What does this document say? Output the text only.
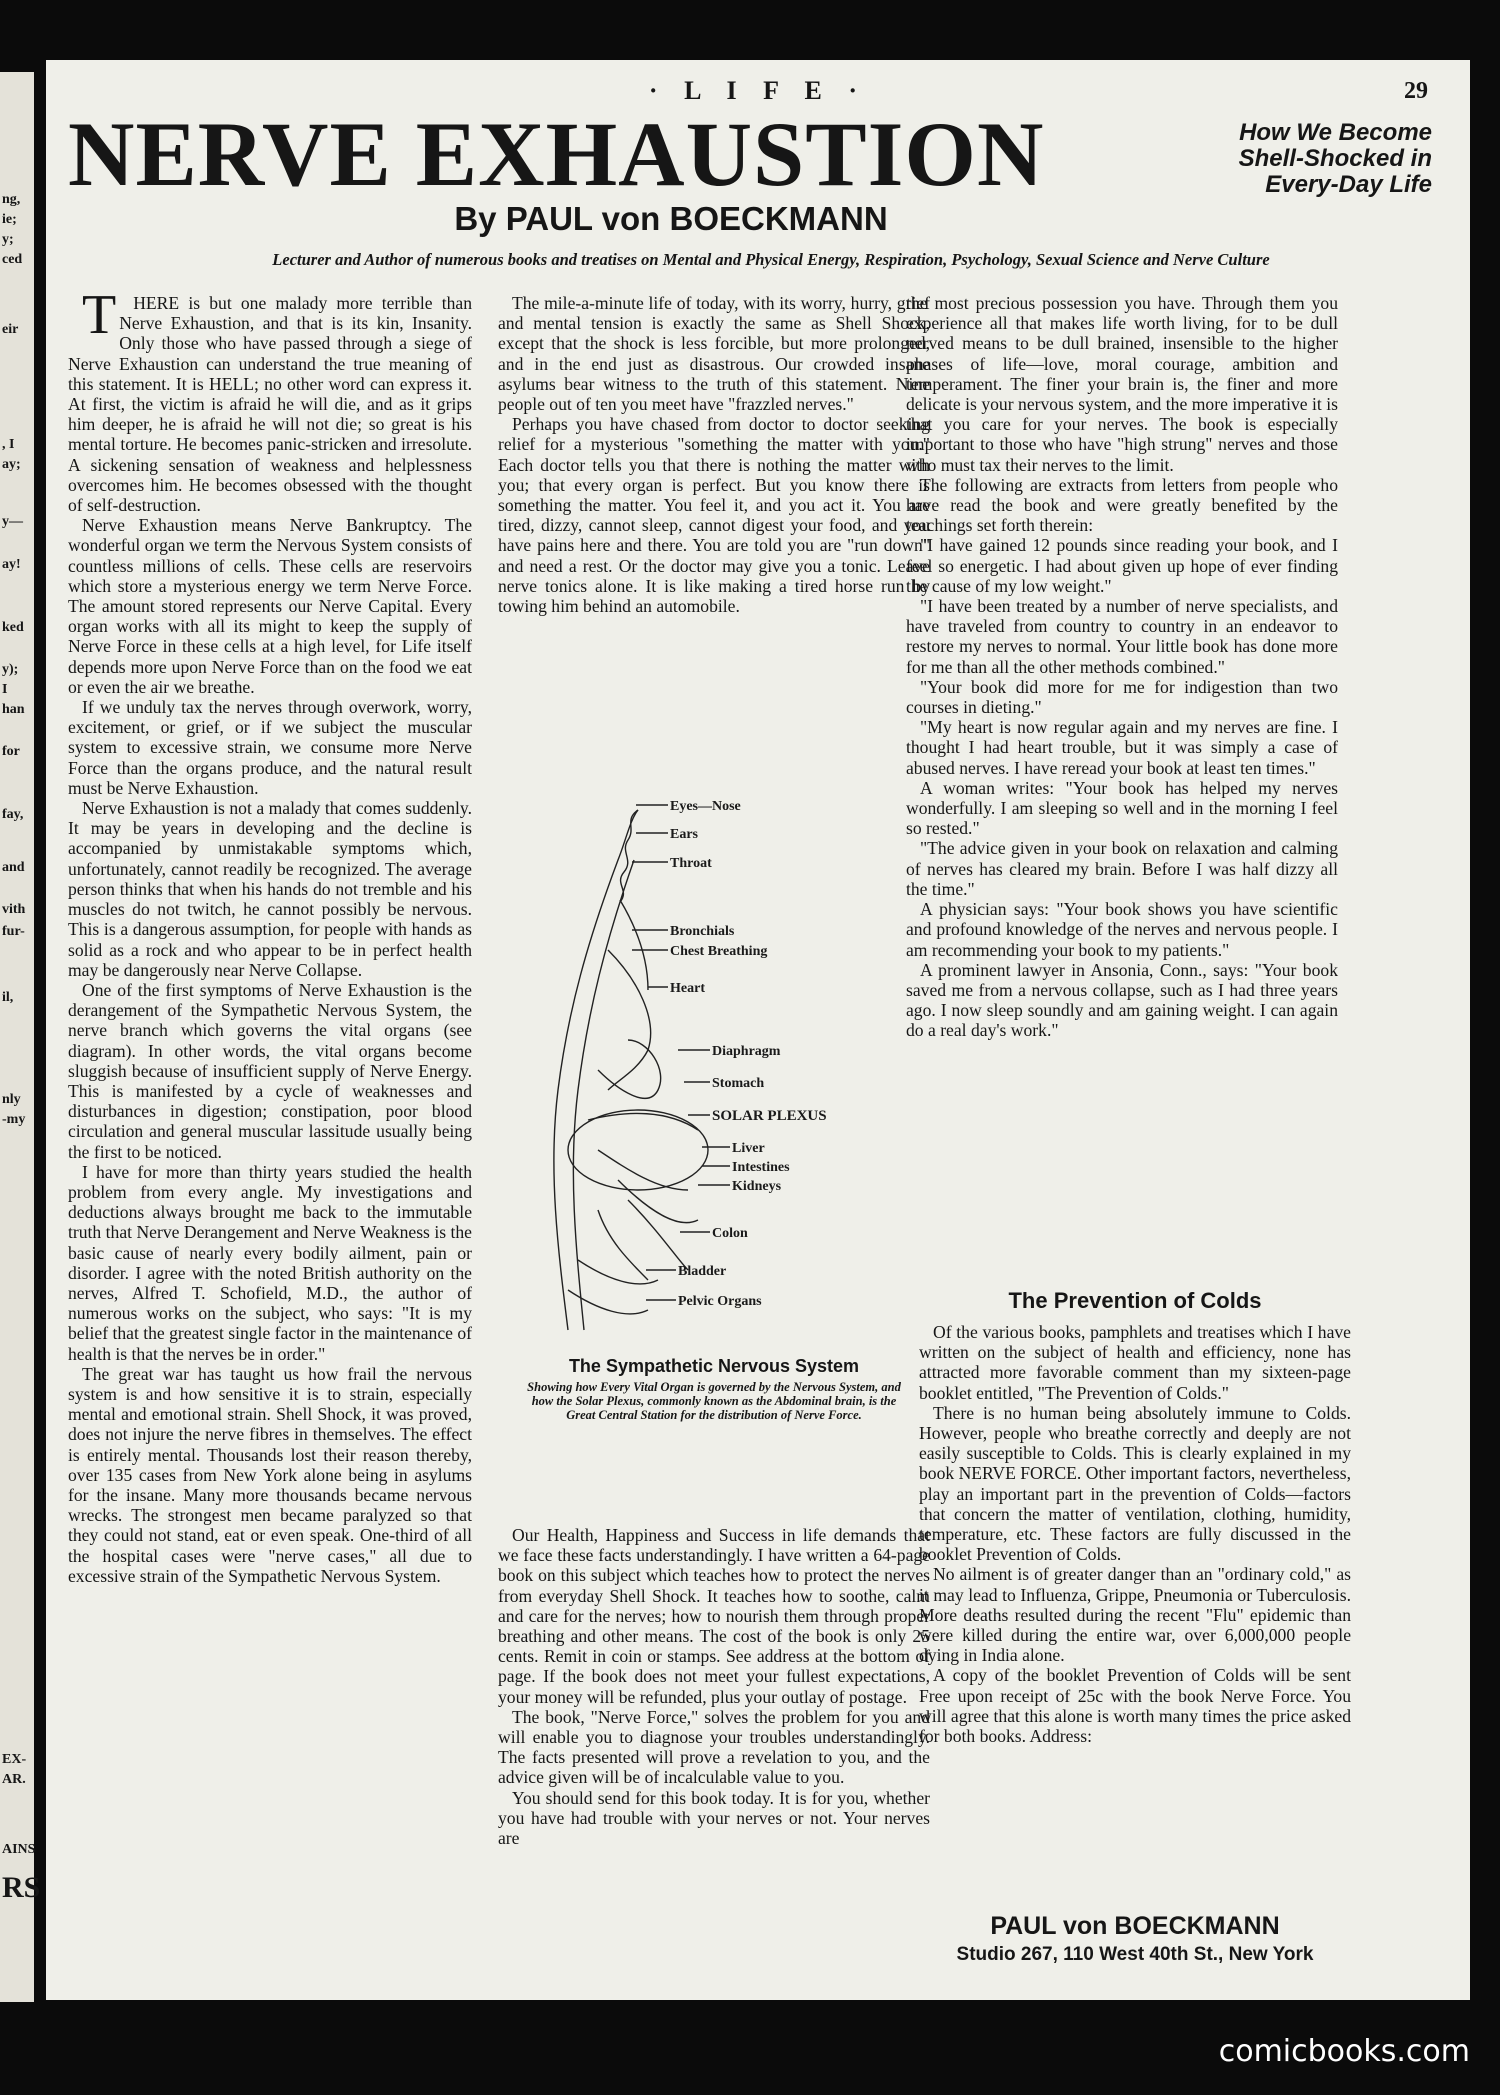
ng,
ie;
y;
ced
eir
, I
ay;
y—
ay!
ked
y);
I
han
for
fay,
and
vith
fur-
il,
nly
-my
EX-
AR.
AINS
RS
· L I F E ·	29
NERVE EXHAUSTION	How We Become Shell-Shocked in Every-Day Life
By PAUL von BOECKMANN
Lecturer and Author of numerous books and treatises on Mental and Physical Energy, Respiration, Psychology, Sexual Science and Nerve Culture

THERE is but one malady more terrible than Nerve Exhaustion, and that is its kin, Insanity. Only those who have passed through a siege of Nerve Exhaustion can understand the true meaning of this statement. It is HELL; no other word can express it. At first, the victim is afraid he will die, and as it grips him deeper, he is afraid he will not die; so great is his mental torture. He becomes panic-stricken and irresolute. A sickening sensation of weakness and helplessness overcomes him. He becomes obsessed with the thought of self-destruction.

Nerve Exhaustion means Nerve Bankruptcy. The wonderful organ we term the Nervous System consists of countless millions of cells. These cells are reservoirs which store a mysterious energy we term Nerve Force. The amount stored represents our Nerve Capital. Every organ works with all its might to keep the supply of Nerve Force in these cells at a high level, for Life itself depends more upon Nerve Force than on the food we eat or even the air we breathe.

If we unduly tax the nerves through overwork, worry, excitement, or grief, or if we subject the muscular system to excessive strain, we consume more Nerve Force than the organs produce, and the natural result must be Nerve Exhaustion.

Nerve Exhaustion is not a malady that comes suddenly. It may be years in developing and the decline is accompanied by unmistakable symptoms which, unfortunately, cannot readily be recognized. The average person thinks that when his hands do not tremble and his muscles do not twitch, he cannot possibly be nervous. This is a dangerous assumption, for people with hands as solid as a rock and who appear to be in perfect health may be dangerously near Nerve Collapse.

One of the first symptoms of Nerve Exhaustion is the derangement of the Sympathetic Nervous System, the nerve branch which governs the vital organs (see diagram). In other words, the vital organs become sluggish because of insufficient supply of Nerve Energy. This is manifested by a cycle of weaknesses and disturbances in digestion; constipation, poor blood circulation and general muscular lassitude usually being the first to be noticed.

I have for more than thirty years studied the health problem from every angle. My investigations and deductions always brought me back to the immutable truth that Nerve Derangement and Nerve Weakness is the basic cause of nearly every bodily ailment, pain or disorder. I agree with the noted British authority on the nerves, Alfred T. Schofield, M.D., the author of numerous works on the subject, who says: "It is my belief that the greatest single factor in the maintenance of health is that the nerves be in order."

The great war has taught us how frail the nervous system is and how sensitive it is to strain, especially mental and emotional strain. Shell Shock, it was proved, does not injure the nerve fibres in themselves. The effect is entirely mental. Thousands lost their reason thereby, over 135 cases from New York alone being in asylums for the insane. Many more thousands became nervous wrecks. The strongest men became paralyzed so that they could not stand, eat or even speak. One-third of all the hospital cases were "nerve cases," all due to excessive strain of the Sympathetic Nervous System.

The mile-a-minute life of today, with its worry, hurry, grief and mental tension is exactly the same as Shell Shock, except that the shock is less forcible, but more prolonged, and in the end just as disastrous. Our crowded insane asylums bear witness to the truth of this statement. Nine people out of ten you meet have "frazzled nerves."

Perhaps you have chased from doctor to doctor seeking relief for a mysterious "something the matter with you." Each doctor tells you that there is nothing the matter with you; that every organ is perfect. But you know there is something the matter. You feel it, and you act it. You are tired, dizzy, cannot sleep, cannot digest your food, and you have pains here and there. You are told you are "run down" and need a rest. Or the doctor may give you a tonic. Leave nerve tonics alone. It is like making a tired horse run by towing him behind an automobile.

Eyes—Nose
Ears
Throat
Bronchials
Chest Breathing
Heart
Diaphragm
Stomach
SOLAR PLEXUS
Liver
Intestines
Kidneys
Colon
Bladder
Pelvic Organs
The Sympathetic Nervous System
Showing how Every Vital Organ is governed by the Nervous System, and how the Solar Plexus, commonly known as the Abdominal brain, is the Great Central Station for the distribution of Nerve Force.

Our Health, Happiness and Success in life demands that we face these facts understandingly. I have written a 64-page book on this subject which teaches how to protect the nerves from everyday Shell Shock. It teaches how to soothe, calm and care for the nerves; how to nourish them through proper breathing and other means. The cost of the book is only 25 cents. Remit in coin or stamps. See address at the bottom of page. If the book does not meet your fullest expectations, your money will be refunded, plus your outlay of postage.

The book, "Nerve Force," solves the problem for you and will enable you to diagnose your troubles understandingly. The facts presented will prove a revelation to you, and the advice given will be of incalculable value to you.

You should send for this book today. It is for you, whether you have had trouble with your nerves or not. Your nerves are

the most precious possession you have. Through them you experience all that makes life worth living, for to be dull nerved means to be dull brained, insensible to the higher phases of life—love, moral courage, ambition and temperament. The finer your brain is, the finer and more delicate is your nervous system, and the more imperative it is that you care for your nerves. The book is especially important to those who have "high strung" nerves and those who must tax their nerves to the limit.

The following are extracts from letters from people who have read the book and were greatly benefited by the teachings set forth therein:

"I have gained 12 pounds since reading your book, and I feel so energetic. I had about given up hope of ever finding the cause of my low weight."

"I have been treated by a number of nerve specialists, and have traveled from country to country in an endeavor to restore my nerves to normal. Your little book has done more for me than all the other methods combined."

"Your book did more for me for indigestion than two courses in dieting."

"My heart is now regular again and my nerves are fine. I thought I had heart trouble, but it was simply a case of abused nerves. I have reread your book at least ten times."

A woman writes: "Your book has helped my nerves wonderfully. I am sleeping so well and in the morning I feel so rested."

"The advice given in your book on relaxation and calming of nerves has cleared my brain. Before I was half dizzy all the time."

A physician says: "Your book shows you have scientific and profound knowledge of the nerves and nervous people. I am recommending your book to my patients."

A prominent lawyer in Ansonia, Conn., says: "Your book saved me from a nervous collapse, such as I had three years ago. I now sleep soundly and am gaining weight. I can again do a real day's work."

The Prevention of Colds

Of the various books, pamphlets and treatises which I have written on the subject of health and efficiency, none has attracted more favorable comment than my sixteen-page booklet entitled, "The Prevention of Colds."

There is no human being absolutely immune to Colds. However, people who breathe correctly and deeply are not easily susceptible to Colds. This is clearly explained in my book NERVE FORCE. Other important factors, nevertheless, play an important part in the prevention of Colds—factors that concern the matter of ventilation, clothing, humidity, temperature, etc. These factors are fully discussed in the booklet Prevention of Colds.

No ailment is of greater danger than an "ordinary cold," as it may lead to Influenza, Grippe, Pneumonia or Tuberculosis. More deaths resulted during the recent "Flu" epidemic than were killed during the entire war, over 6,000,000 people dying in India alone.

A copy of the booklet Prevention of Colds will be sent Free upon receipt of 25c with the book Nerve Force. You will agree that this alone is worth many times the price asked for both books. Address:

PAUL von BOECKMANN
Studio 267, 110 West 40th St., New York
comicbooks.com
